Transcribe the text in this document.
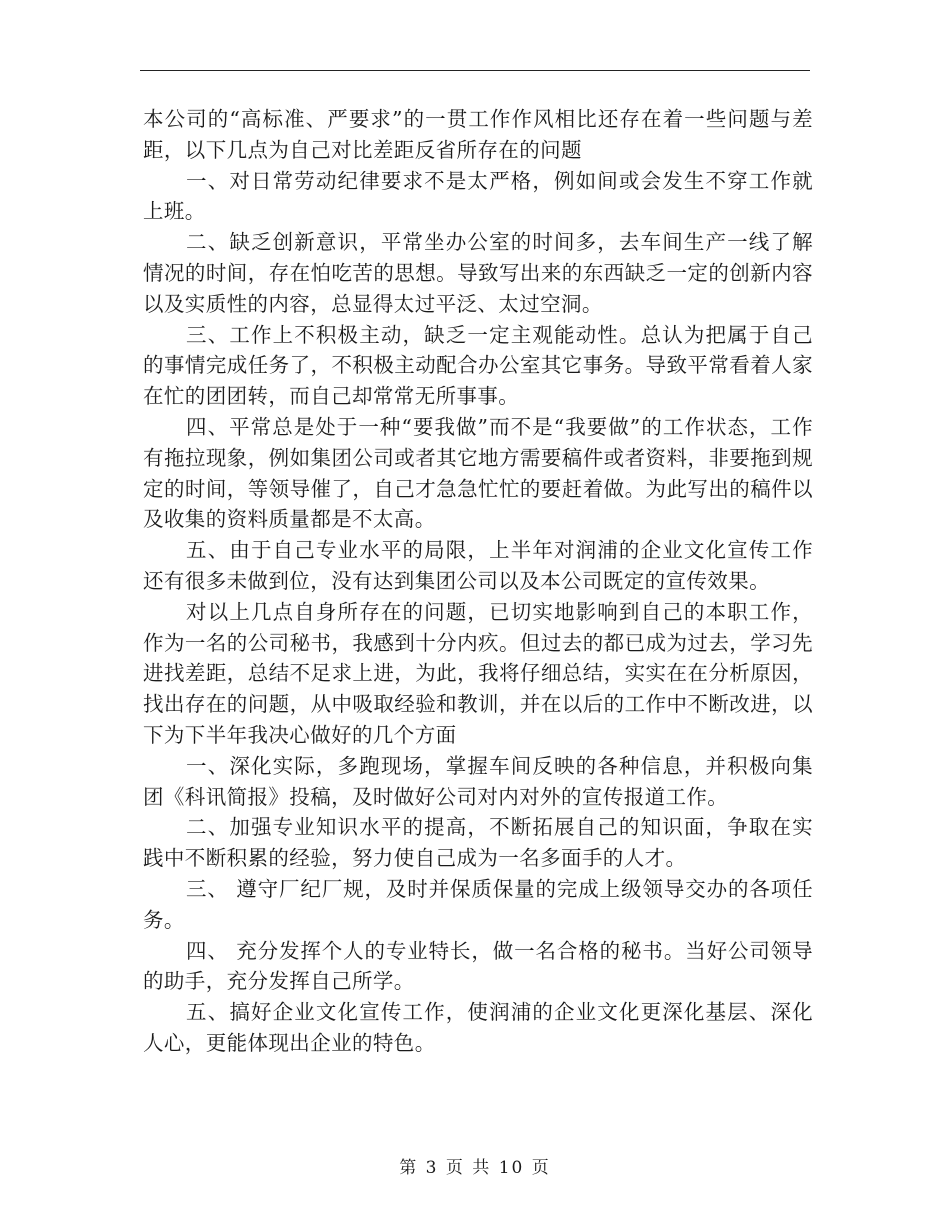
本公司的“高标准、严要求”的一贯工作作风相比还存在着一些问题与差距，以下几点为自己对比差距反省所存在的问题

一、对日常劳动纪律要求不是太严格，例如间或会发生不穿工作就上班。

二、缺乏创新意识，平常坐办公室的时间多，去车间生产一线了解情况的时间，存在怕吃苦的思想。导致写出来的东西缺乏一定的创新内容以及实质性的内容，总显得太过平泛、太过空洞。

三、工作上不积极主动，缺乏一定主观能动性。总认为把属于自己的事情完成任务了，不积极主动配合办公室其它事务。导致平常看着人家在忙的团团转，而自己却常常无所事事。

四、平常总是处于一种“要我做”而不是“我要做”的工作状态，工作有拖拉现象，例如集团公司或者其它地方需要稿件或者资料，非要拖到规定的时间，等领导催了，自己才急急忙忙的要赶着做。为此写出的稿件以及收集的资料质量都是不太高。

五、由于自己专业水平的局限，上半年对润浦的企业文化宣传工作还有很多未做到位，没有达到集团公司以及本公司既定的宣传效果。

对以上几点自身所存在的问题，已切实地影响到自己的本职工作，作为一名的公司秘书，我感到十分内疚。但过去的都已成为过去，学习先进找差距，总结不足求上进，为此，我将仔细总结，实实在在分析原因，找出存在的问题，从中吸取经验和教训，并在以后的工作中不断改进，以下为下半年我决心做好的几个方面

一、深化实际，多跑现场，掌握车间反映的各种信息，并积极向集团《科讯简报》投稿，及时做好公司对内对外的宣传报道工作。

二、加强专业知识水平的提高，不断拓展自己的知识面，争取在实践中不断积累的经验，努力使自己成为一名多面手的人才。

三、 遵守厂纪厂规，及时并保质保量的完成上级领导交办的各项任务。

四、 充分发挥个人的专业特长，做一名合格的秘书。当好公司领导的助手，充分发挥自己所学。

五、搞好企业文化宣传工作，使润浦的企业文化更深化基层、深化人心，更能体现出企业的特色。

第 3 页 共 10 页
